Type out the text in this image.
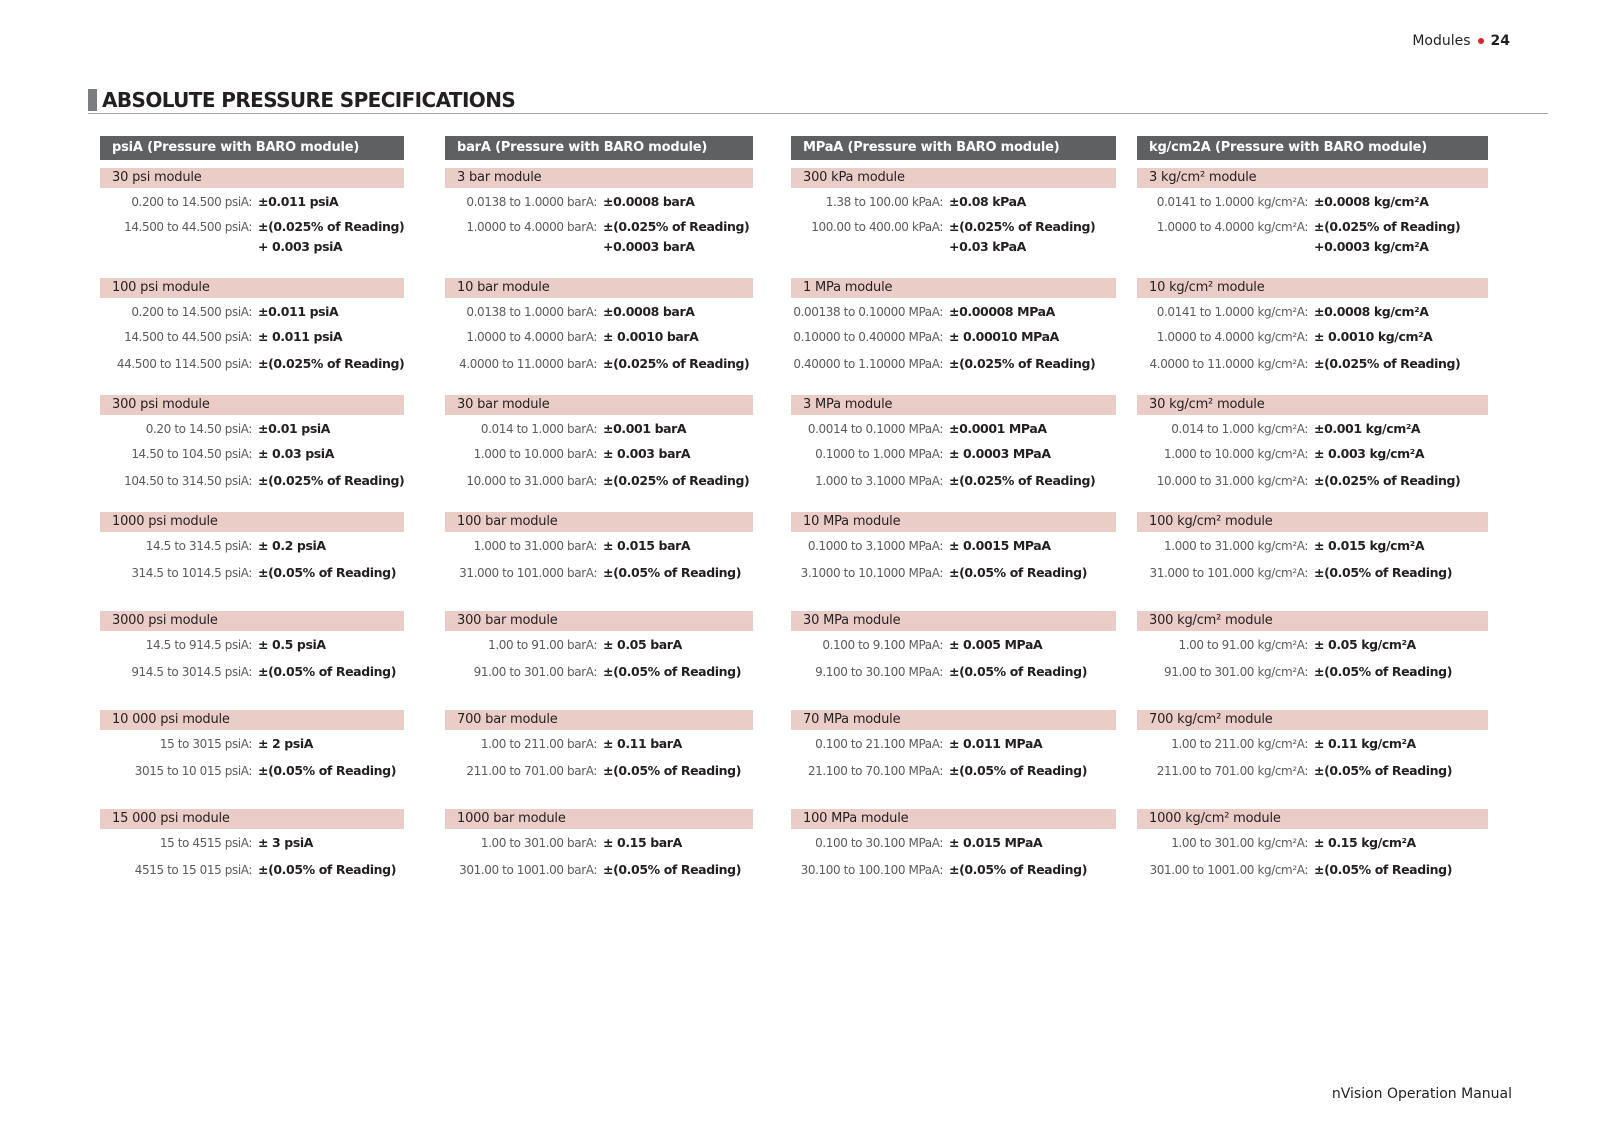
Modules 24
ABSOLUTE PRESSURE SPECIFICATIONS
psiA (Pressure with BARO module)
30 psi module
0.200 to 14.500 psiA: ±0.011 psiA
14.500 to 44.500 psiA: ±(0.025% of Reading)
+ 0.003 psiA
100 psi module
0.200 to 14.500 psiA: ±0.011 psiA
14.500 to 44.500 psiA: ± 0.011 psiA
44.500 to 114.500 psiA: ±(0.025% of Reading)
300 psi module
0.20 to 14.50 psiA: ±0.01 psiA
14.50 to 104.50 psiA: ± 0.03 psiA
104.50 to 314.50 psiA: ±(0.025% of Reading)
1000 psi module
14.5 to 314.5 psiA: ± 0.2 psiA
314.5 to 1014.5 psiA: ±(0.05% of Reading)
3000 psi module
14.5 to 914.5 psiA: ± 0.5 psiA
914.5 to 3014.5 psiA: ±(0.05% of Reading)
10 000 psi module
15 to 3015 psiA: ± 2 psiA
3015 to 10 015 psiA: ±(0.05% of Reading)
15 000 psi module
15 to 4515 psiA: ± 3 psiA
4515 to 15 015 psiA: ±(0.05% of Reading)
barA (Pressure with BARO module)
3 bar module
0.0138 to 1.0000 barA: ±0.0008 barA
1.0000 to 4.0000 barA: ±(0.025% of Reading)
+0.0003 barA
10 bar module
0.0138 to 1.0000 barA: ±0.0008 barA
1.0000 to 4.0000 barA: ± 0.0010 barA
4.0000 to 11.0000 barA: ±(0.025% of Reading)
30 bar module
0.014 to 1.000 barA: ±0.001 barA
1.000 to 10.000 barA: ± 0.003 barA
10.000 to 31.000 barA: ±(0.025% of Reading)
100 bar module
1.000 to 31.000 barA: ± 0.015 barA
31.000 to 101.000 barA: ±(0.05% of Reading)
300 bar module
1.00 to 91.00 barA: ± 0.05 barA
91.00 to 301.00 barA: ±(0.05% of Reading)
700 bar module
1.00 to 211.00 barA: ± 0.11 barA
211.00 to 701.00 barA: ±(0.05% of Reading)
1000 bar module
1.00 to 301.00 barA: ± 0.15 barA
301.00 to 1001.00 barA: ±(0.05% of Reading)
MPaA (Pressure with BARO module)
300 kPa module
1.38 to 100.00 kPaA: ±0.08 kPaA
100.00 to 400.00 kPaA: ±(0.025% of Reading)
+0.03 kPaA
1 MPa module
0.00138 to 0.10000 MPaA: ±0.00008 MPaA
0.10000 to 0.40000 MPaA: ± 0.00010 MPaA
0.40000 to 1.10000 MPaA: ±(0.025% of Reading)
3 MPa module
0.0014 to 0.1000 MPaA: ±0.0001 MPaA
0.1000 to 1.000 MPaA: ± 0.0003 MPaA
1.000 to 3.1000 MPaA: ±(0.025% of Reading)
10 MPa module
0.1000 to 3.1000 MPaA: ± 0.0015 MPaA
3.1000 to 10.1000 MPaA: ±(0.05% of Reading)
30 MPa module
0.100 to 9.100 MPaA: ± 0.005 MPaA
9.100 to 30.100 MPaA: ±(0.05% of Reading)
70 MPa module
0.100 to 21.100 MPaA: ± 0.011 MPaA
21.100 to 70.100 MPaA: ±(0.05% of Reading)
100 MPa module
0.100 to 30.100 MPaA: ± 0.015 MPaA
30.100 to 100.100 MPaA: ±(0.05% of Reading)
kg/cm2A (Pressure with BARO module)
3 kg/cm² module
0.0141 to 1.0000 kg/cm²A: ±0.0008 kg/cm²A
1.0000 to 4.0000 kg/cm²A: ±(0.025% of Reading)
+0.0003 kg/cm²A
10 kg/cm² module
0.0141 to 1.0000 kg/cm²A: ±0.0008 kg/cm²A
1.0000 to 4.0000 kg/cm²A: ± 0.0010 kg/cm²A
4.0000 to 11.0000 kg/cm²A: ±(0.025% of Reading)
30 kg/cm² module
0.014 to 1.000 kg/cm²A: ±0.001 kg/cm²A
1.000 to 10.000 kg/cm²A: ± 0.003 kg/cm²A
10.000 to 31.000 kg/cm²A: ±(0.025% of Reading)
100 kg/cm² module
1.000 to 31.000 kg/cm²A: ± 0.015 kg/cm²A
31.000 to 101.000 kg/cm²A: ±(0.05% of Reading)
300 kg/cm² module
1.00 to 91.00 kg/cm²A: ± 0.05 kg/cm²A
91.00 to 301.00 kg/cm²A: ±(0.05% of Reading)
700 kg/cm² module
1.00 to 211.00 kg/cm²A: ± 0.11 kg/cm²A
211.00 to 701.00 kg/cm²A: ±(0.05% of Reading)
1000 kg/cm² module
1.00 to 301.00 kg/cm²A: ± 0.15 kg/cm²A
301.00 to 1001.00 kg/cm²A: ±(0.05% of Reading)
nVision Operation Manual
